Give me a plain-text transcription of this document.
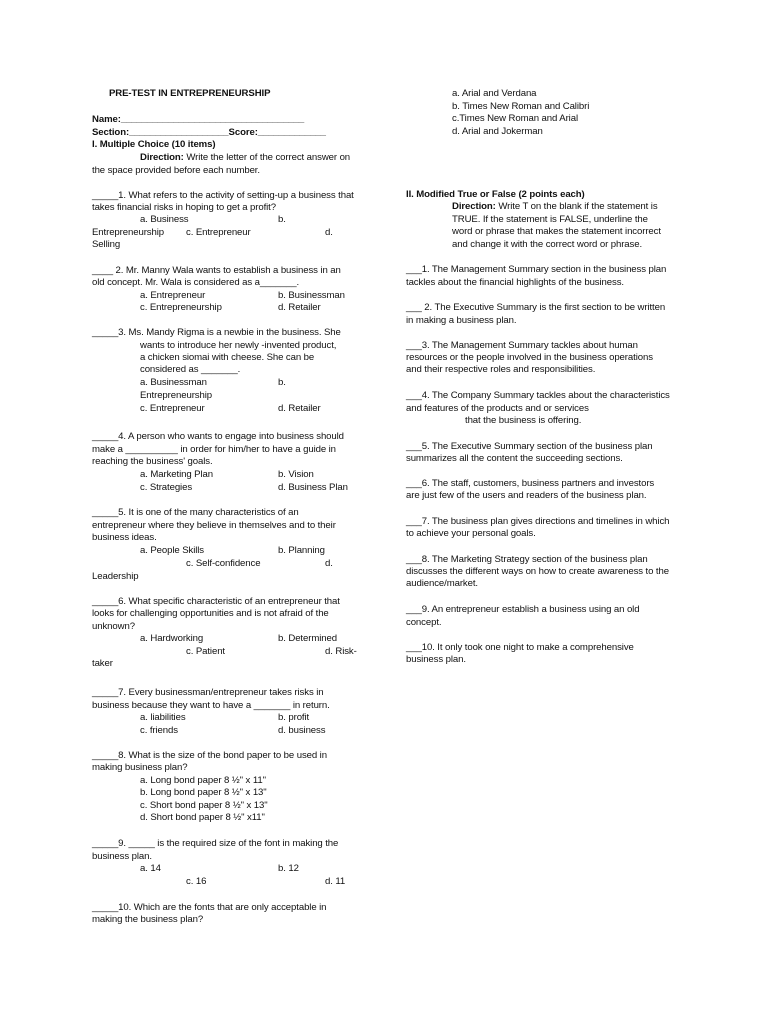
PRE-TEST IN ENTREPRENEURSHIP
Name:___________________________________
Section:___________________Score:_____________
I. Multiple Choice (10 items)
Direction: Write the letter of the correct answer on
the space provided before each number.
_____1. What refers to the activity of setting-up a business that
takes financial risks in hoping to get a profit?
a. Business	b.
Entrepreneurship c. Entrepreneur	d.
Selling
____ 2. Mr. Manny Wala wants to establish a business in an
old concept. Mr. Wala is considered as a_______.
a. Entrepreneur	b. Businessman
c. Entrepreneurship	d. Retailer
_____3. Ms. Mandy Rigma is a newbie in the business. She
wants to introduce her newly -invented product,
a chicken siomai with cheese. She can be
considered as _______.
a. Businessman	b.
Entrepreneurship
c. Entrepreneur	d. Retailer
_____4. A person who wants to engage into business should
make a __________ in order for him/her to have a guide in
reaching the business' goals.
a. Marketing Plan	b. Vision
c. Strategies	d. Business Plan
_____5. It is one of the many characteristics of an
entrepreneur where they believe in themselves and to their
business ideas.
a. People Skills	b. Planning
c. Self-confidence	d.
Leadership
_____6. What specific characteristic of an entrepreneur that
looks for challenging opportunities and is not afraid of the
unknown?
a. Hardworking	b. Determined
c. Patient	d. Risk-
taker
_____7. Every businessman/entrepreneur takes risks in
business because they want to have a _______ in return.
a. liabilities	b. profit
c. friends	d. business
_____8. What is the size of the bond paper to be used in
making business plan?
a. Long bond paper 8 ½" x 11"
b. Long bond paper 8 ½" x 13"
c. Short bond paper 8 ½" x 13"
d. Short bond paper 8 ½" x11"
_____9. _____ is the required size of the font in making the
business plan.
a. 14	b. 12
c. 16	d. 11
_____10. Which are the fonts that are only acceptable in
making the business plan?
a. Arial and Verdana
b. Times New Roman and Calibri
c.Times New Roman and Arial
d. Arial and Jokerman
II. Modified True or False (2 points each)
Direction: Write T on the blank if the statement is
TRUE. If the statement is FALSE, underline the
word or phrase that makes the statement incorrect
and change it with the correct word or phrase.
___1. The Management Summary section in the business plan
tackles about the financial highlights of the business.
___ 2. The Executive Summary is the first section to be written
in making a business plan.
___3. The Management Summary tackles about human
resources or the people involved in the business operations
and their respective roles and responsibilities.
___4. The Company Summary tackles about the characteristics
and features of the products and or services
that the business is offering.
___5. The Executive Summary section of the business plan
summarizes all the content the succeeding sections.
___6. The staff, customers, business partners and investors
are just few of the users and readers of the business plan.
___7. The business plan gives directions and timelines in which
to achieve your personal goals.
___8. The Marketing Strategy section of the business plan
discusses the different ways on how to create awareness to the
audience/market.
___9. An entrepreneur establish a business using an old
concept.
___10. It only took one night to make a comprehensive
business plan.
